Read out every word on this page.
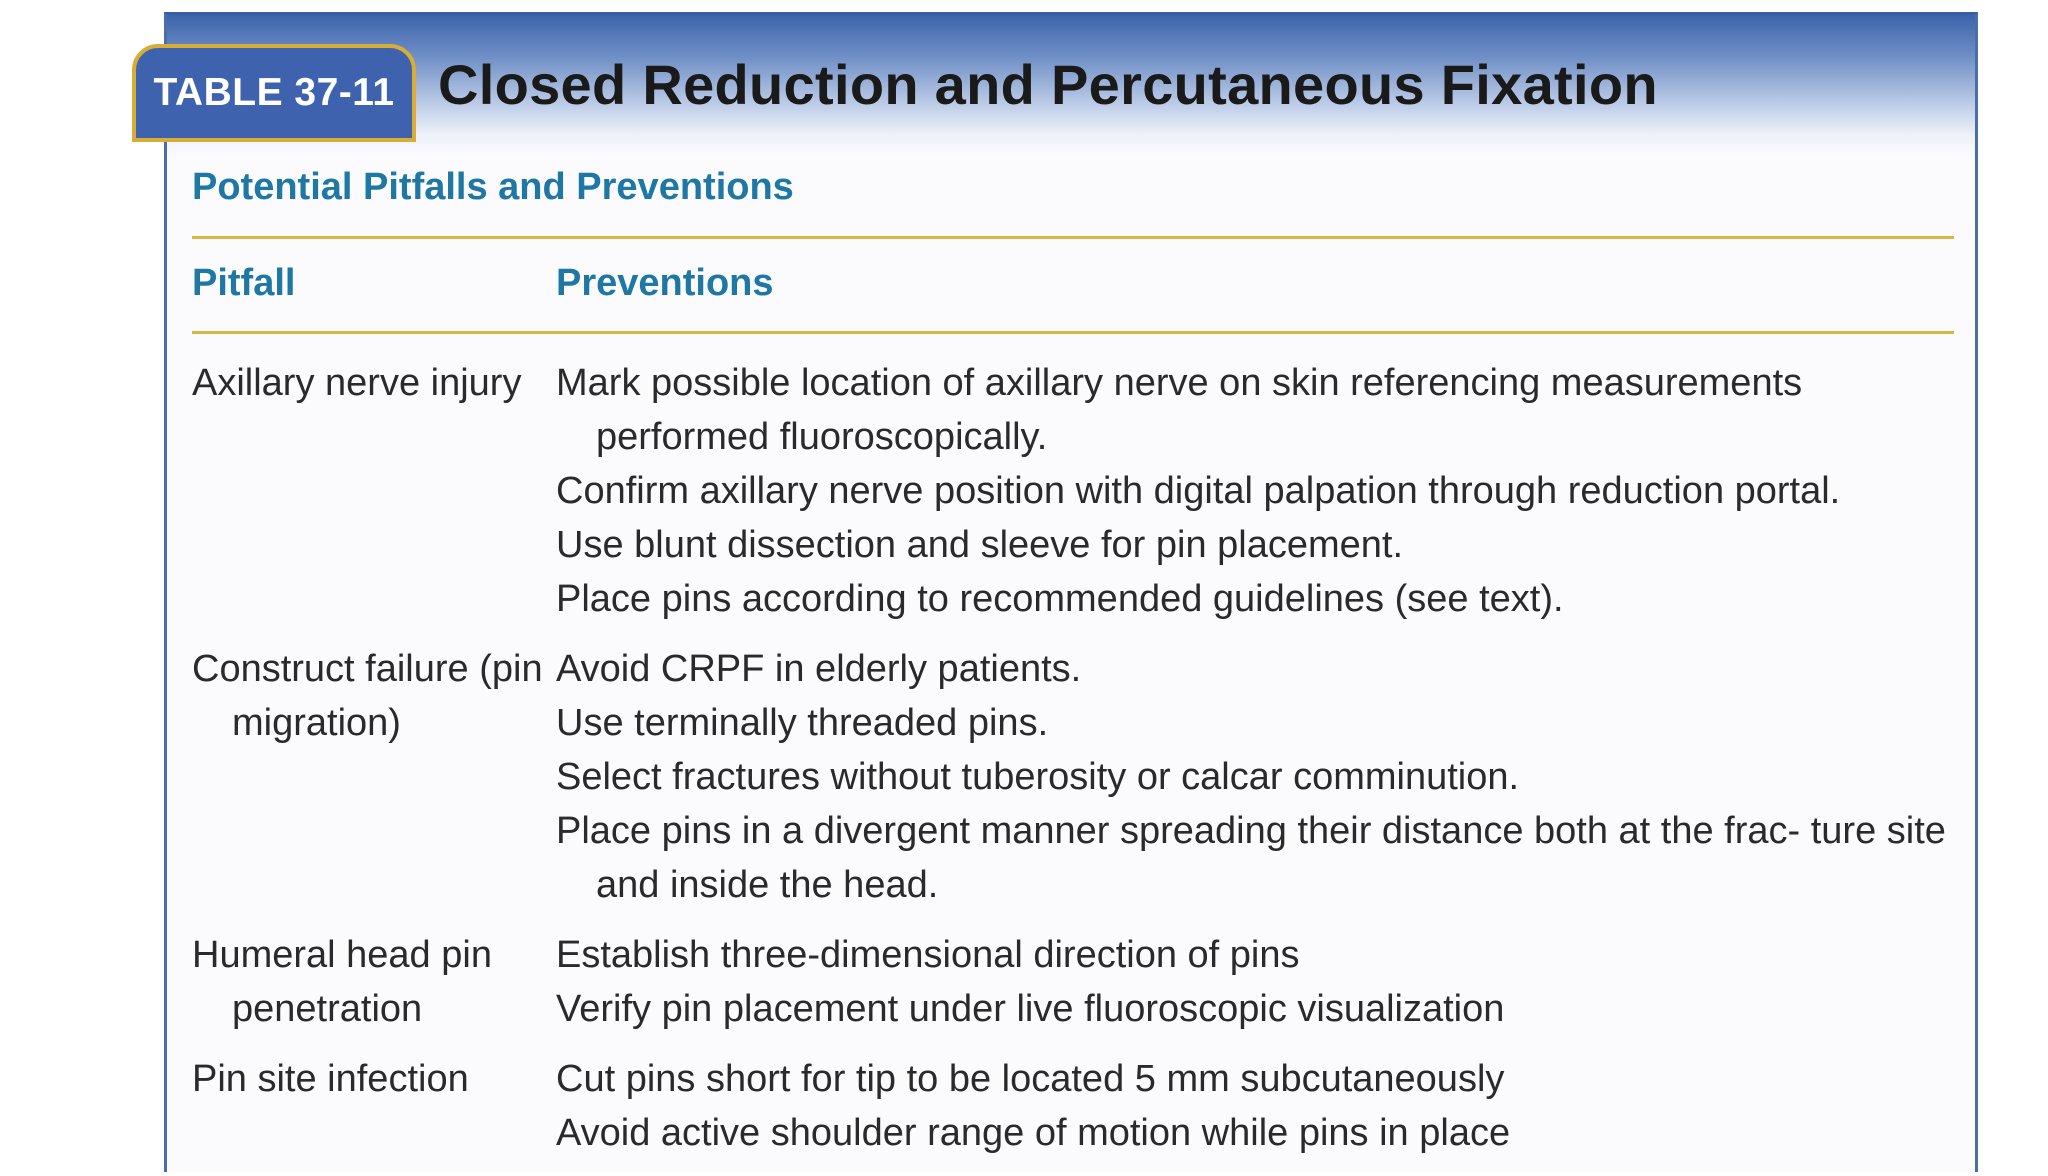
TABLE 37-11 Closed Reduction and Percutaneous Fixation
Potential Pitfalls and Preventions
Pitfall	Preventions
Axillary nerve injury Mark possible location of axillary nerve on skin referencing measurements performed fluoroscopically.
Confirm axillary nerve position with digital palpation through reduction portal.
Use blunt dissection and sleeve for pin placement.
Place pins according to recommended guidelines (see text).
Construct failure (pin migration)
Avoid CRPF in elderly patients.
Use terminally threaded pins.
Select fractures without tuberosity or calcar comminution.
Place pins in a divergent manner spreading their distance both at the frac- ture site and inside the head.
Humeral head pin penetration
Establish three-dimensional direction of pins
Verify pin placement under live fluoroscopic visualization
Pin site infection	Cut pins short for tip to be located 5 mm subcutaneously
Avoid active shoulder range of motion while pins in place
